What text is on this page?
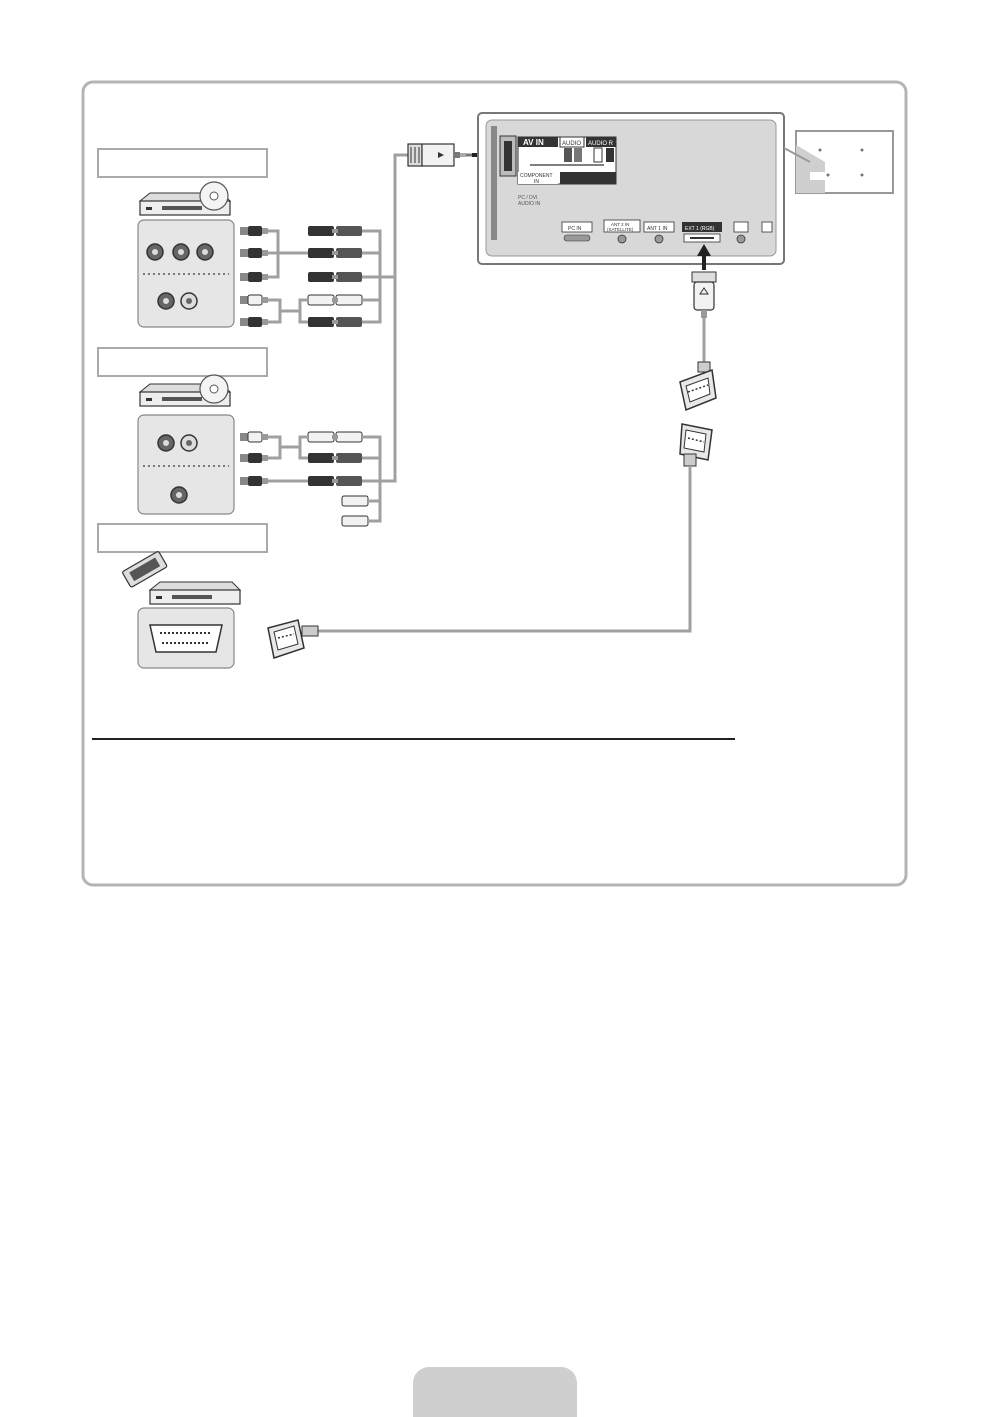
AV IN	AUDIO AUDIO R
COMPONENT
IN
PC / DVI
AUDIO IN
PC IN
ANT 2 IN
(SATELLITE)	ANT 1 IN	EXT 1 (RGB)
